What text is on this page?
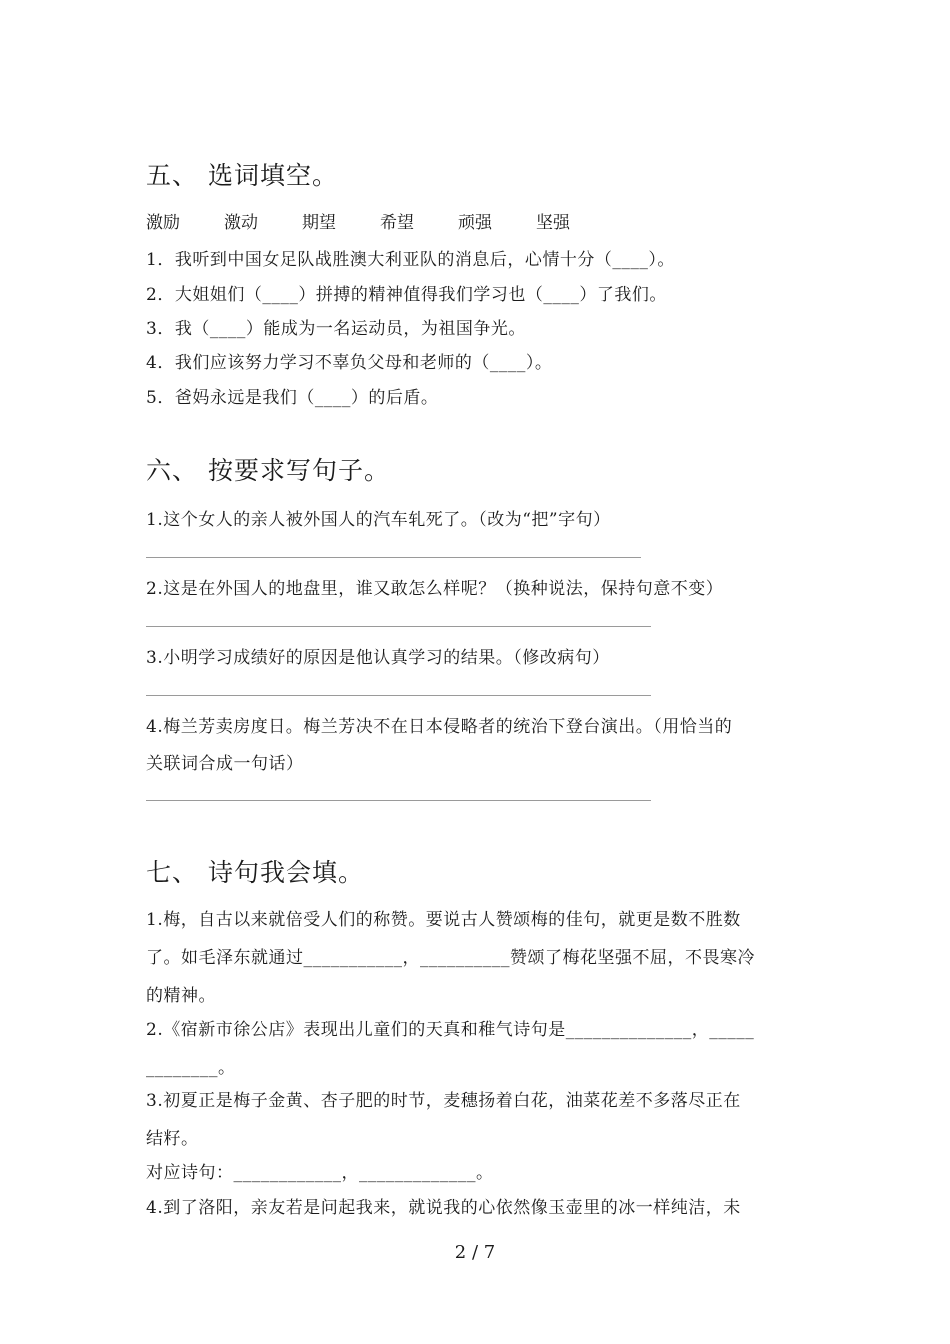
五、 选词填空。
激励	激动	期望	希望	顽强	坚强
1．我听到中国女足队战胜澳大利亚队的消息后，心情十分（____）。
2．大姐姐们（____）拼搏的精神值得我们学习也（____）了我们。
3．我（____）能成为一名运动员，为祖国争光。
4．我们应该努力学习不辜负父母和老师的（____）。
5．爸妈永远是我们（____）的后盾。
六、 按要求写句子。
1.这个女人的亲人被外国人的汽车轧死了。（改为“把”字句）
2.这是在外国人的地盘里，谁又敢怎么样呢？（换种说法，保持句意不变）
3.小明学习成绩好的原因是他认真学习的结果。（修改病句）
4.梅兰芳卖房度日。梅兰芳决不在日本侵略者的统治下登台演出。（用恰当的
关联词合成一句话）
七、 诗句我会填。
1.梅，自古以来就倍受人们的称赞。要说古人赞颂梅的佳句，就更是数不胜数
了。如毛泽东就通过___________，__________赞颂了梅花坚强不屈，不畏寒冷
的精神。
2.《宿新市徐公店》表现出儿童们的天真和稚气诗句是______________，_____
________。
3.初夏正是梅子金黄、杏子肥的时节，麦穗扬着白花，油菜花差不多落尽正在
结籽。
对应诗句：____________，_____________。
4.到了洛阳，亲友若是问起我来，就说我的心依然像玉壶里的冰一样纯洁，未
2 / 7
